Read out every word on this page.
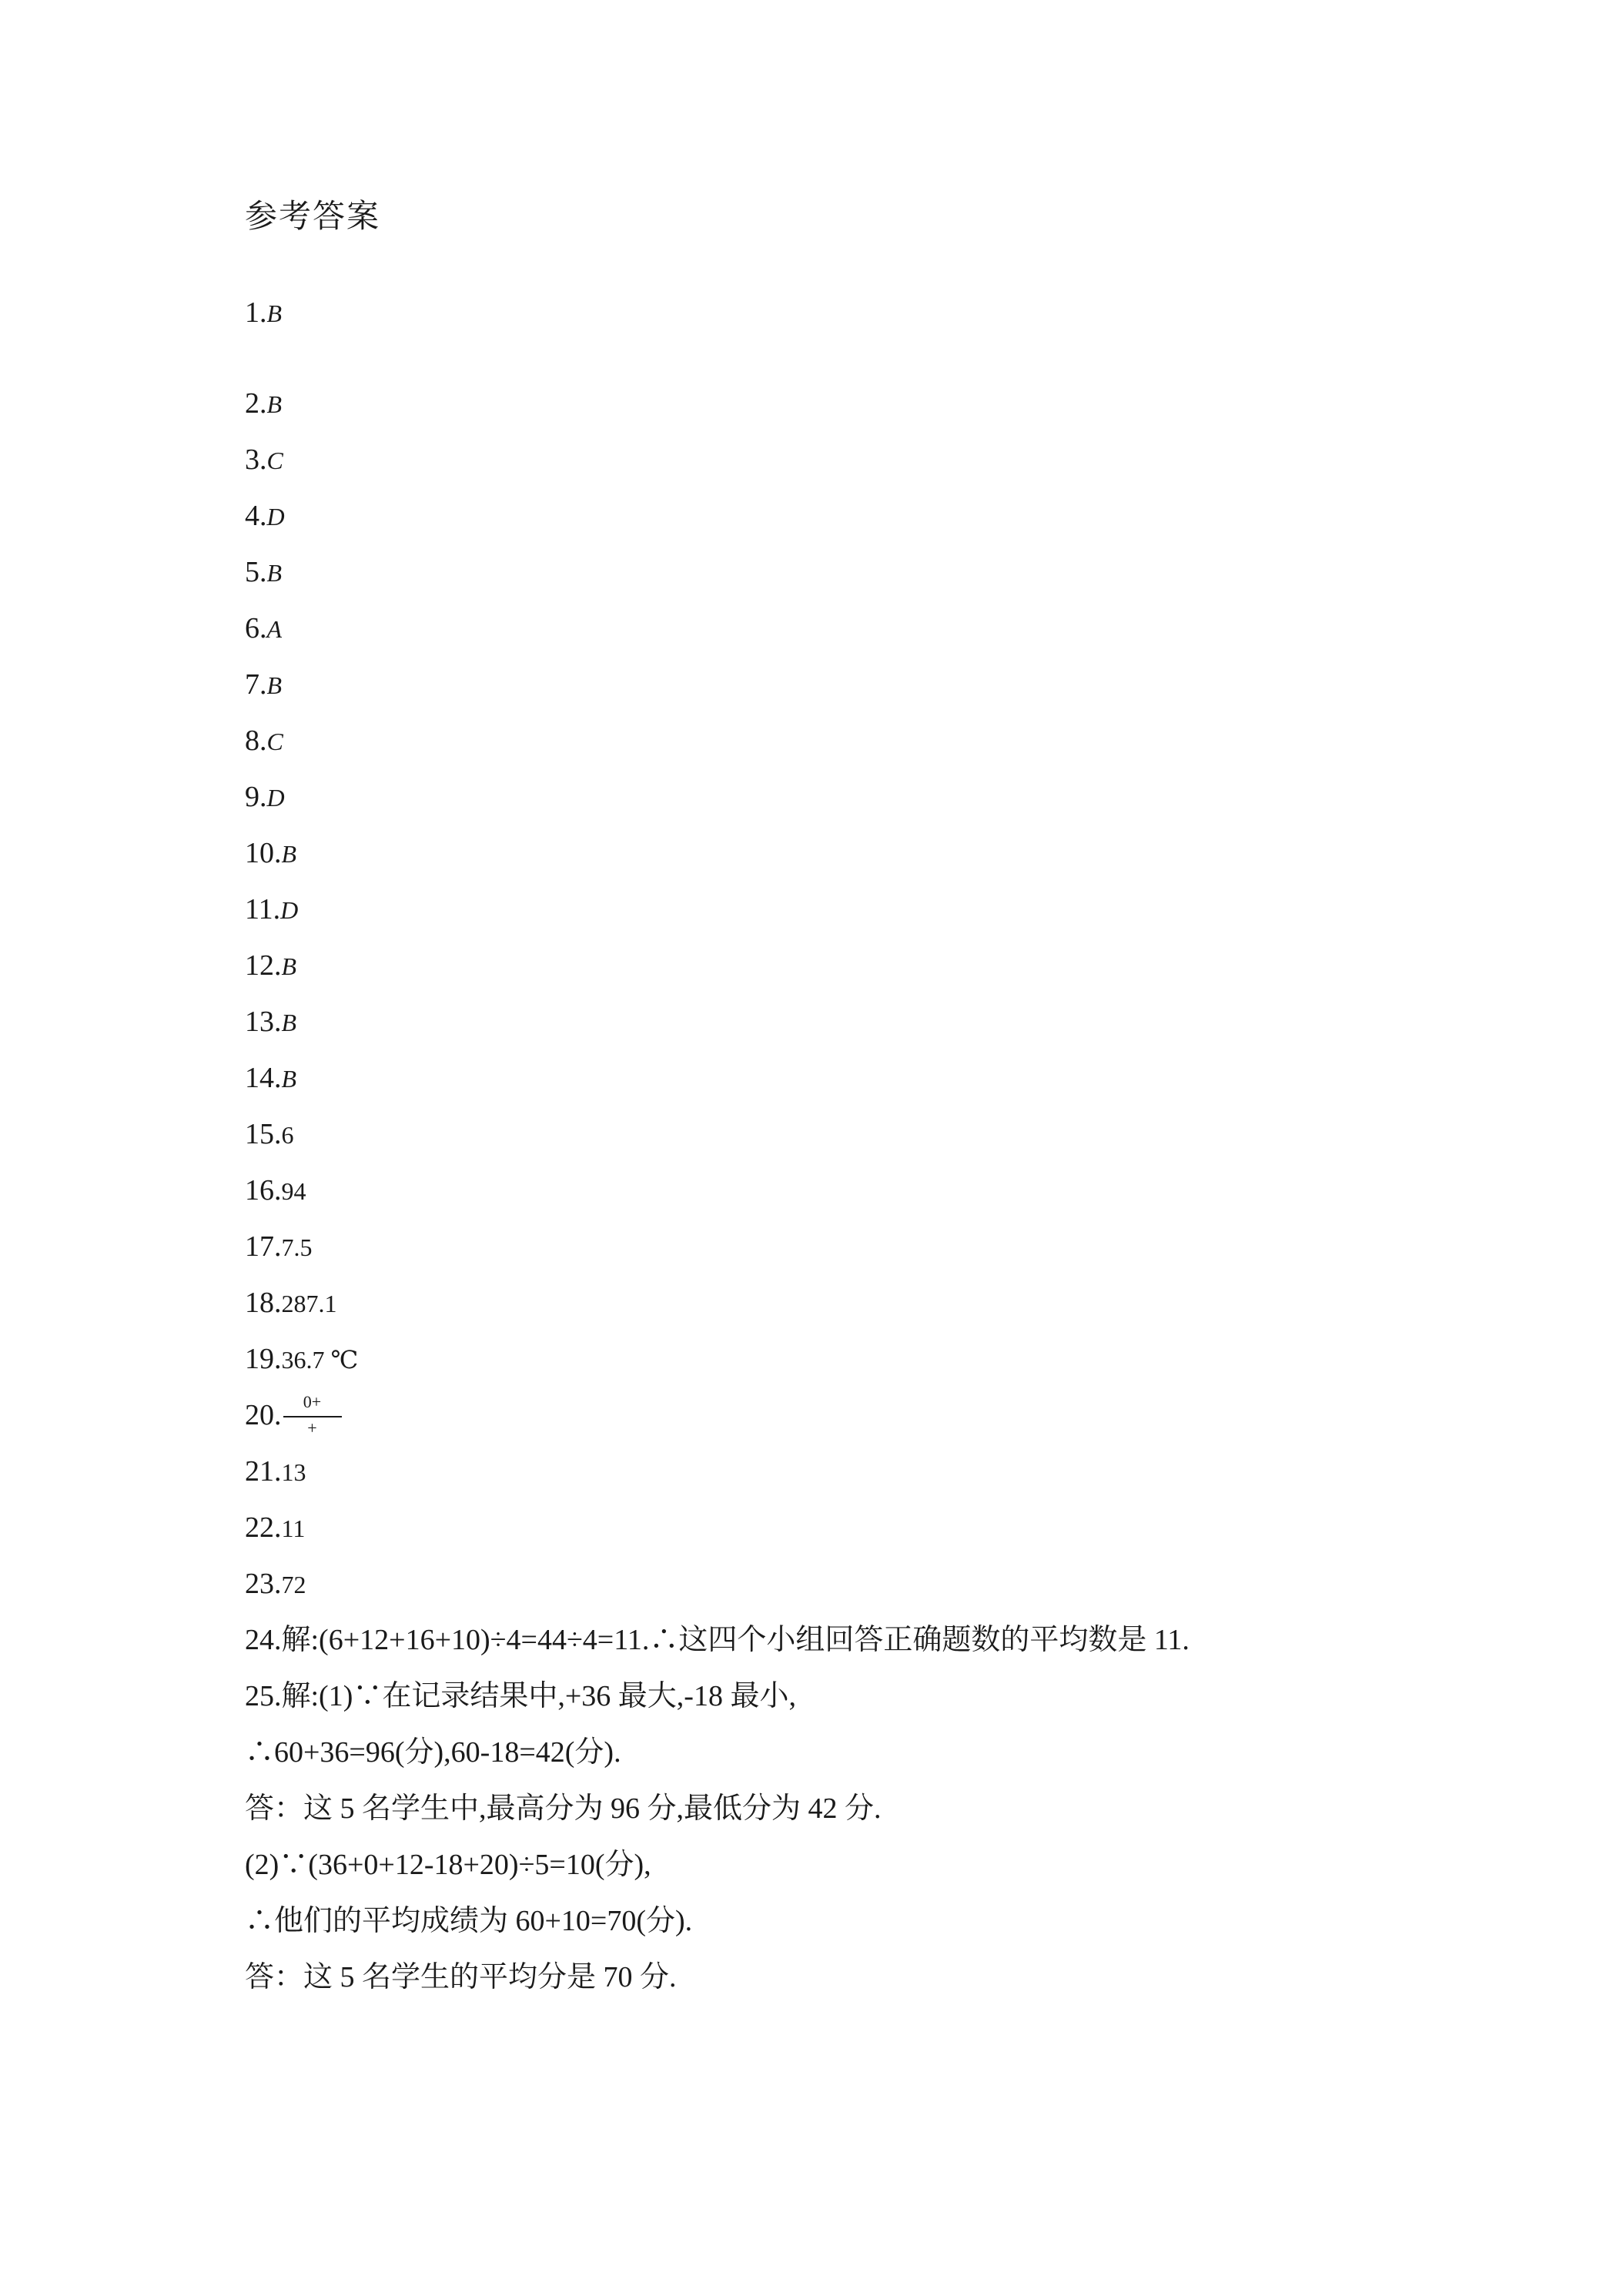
参考答案
1.B
2.B
3.C
4.D
5.B
6.A
7.B
8.C
9.D
10.B
11.D
12.B
13.B
14.B
15.6
16.94
17.7.5
18.287.1
19.36.7 ℃
20. $\frac{0+}{+}$
21.13
22.11
23.72
24.解:(6+12+16+10)÷4=44÷4=11.∴这四个小组回答正确题数的平均数是 11.
25.解:(1)∵在记录结果中,+36 最大,-18 最小,
∴60+36=96(分),60-18=42(分).
答：这 5 名学生中,最高分为 96 分,最低分为 42 分.
(2)∵(36+0+12-18+20)÷5=10(分),
∴他们的平均成绩为 60+10=70(分).
答：这 5 名学生的平均分是 70 分.
